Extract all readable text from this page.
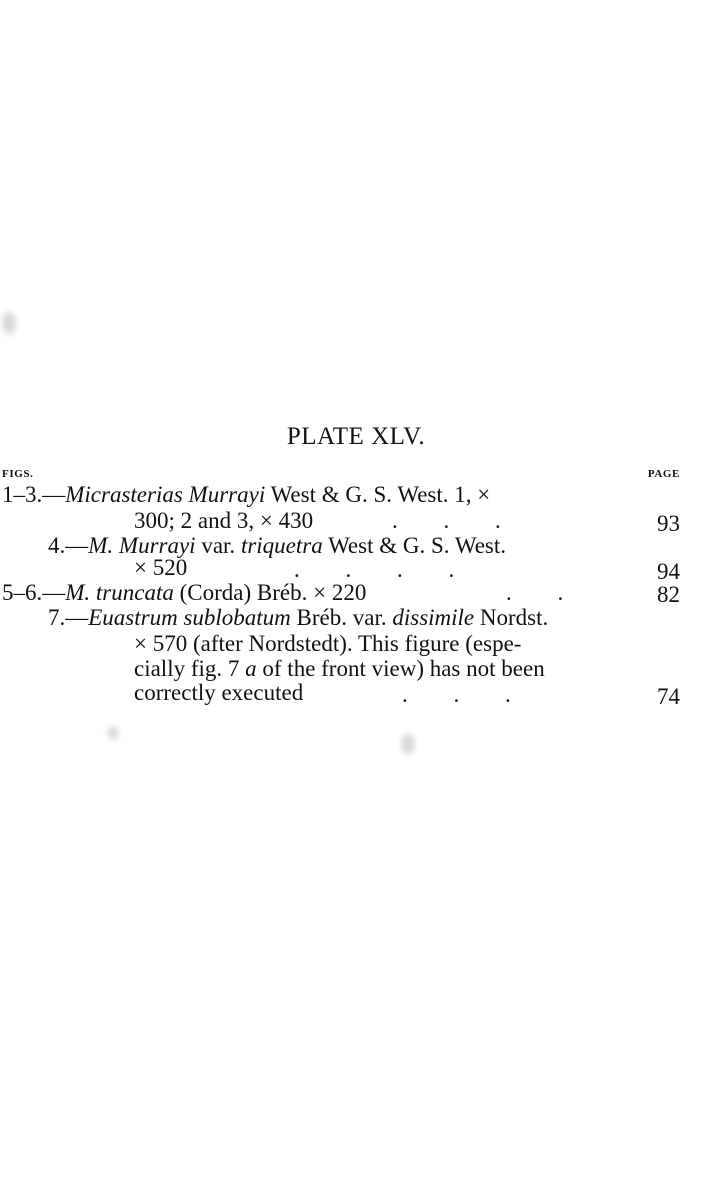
PLATE XLV.
FIGS.	PAGE
1–3.—Micrasterias Murrayi West & G. S. West. 1, ×
300; 2 and 3, × 430	. . .	93
4.—M. Murrayi var. triquetra West & G. S. West.
× 520	. . . .	94
5–6.—M. truncata (Corda) Bréb. × 220	. .	82
7.—Euastrum sublobatum Bréb. var. dissimile Nordst.
× 570 (after Nordstedt). This figure (espe-
cially fig. 7 a of the front view) has not been
correctly executed	. . .	74
